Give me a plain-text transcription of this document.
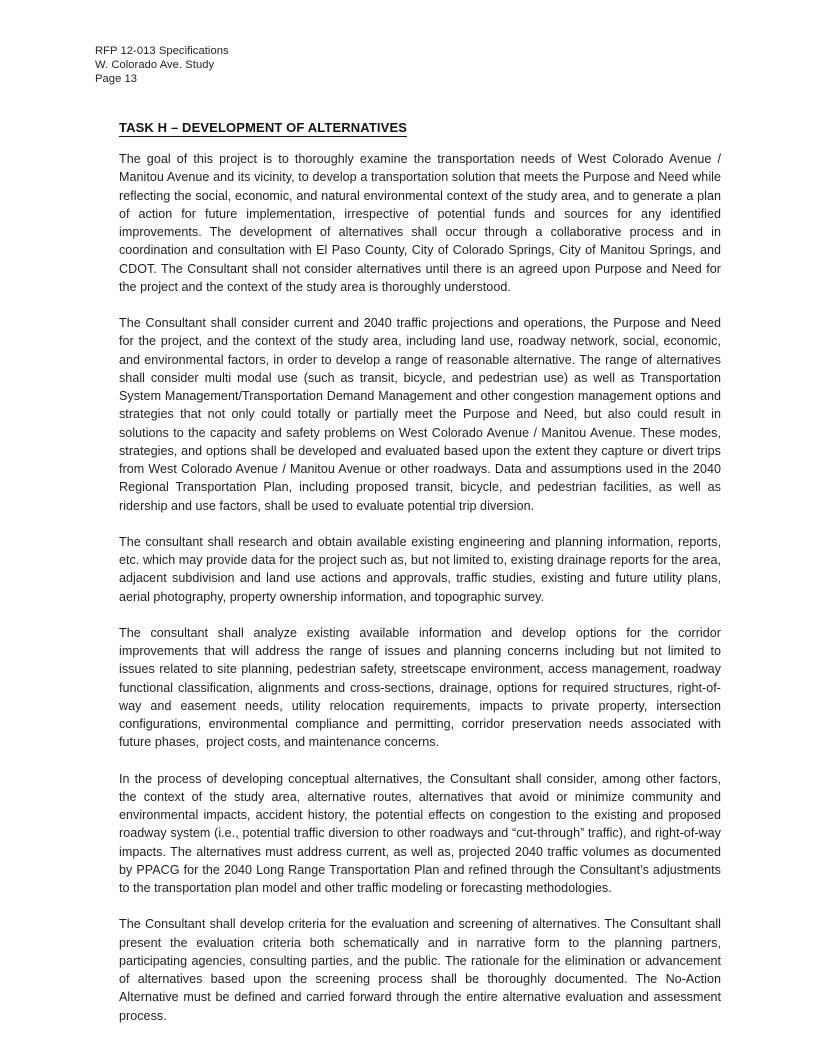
RFP 12-013 Specifications
W. Colorado Ave. Study
Page 13
TASK H – DEVELOPMENT OF ALTERNATIVES

The goal of this project is to thoroughly examine the transportation needs of West Colorado Avenue / Manitou Avenue and its vicinity, to develop a transportation solution that meets the Purpose and Need while reflecting the social, economic, and natural environmental context of the study area, and to generate a plan of action for future implementation, irrespective of potential funds and sources for any identified improvements. The development of alternatives shall occur through a collaborative process and in coordination and consultation with El Paso County, City of Colorado Springs, City of Manitou Springs, and CDOT. The Consultant shall not consider alternatives until there is an agreed upon Purpose and Need for the project and the context of the study area is thoroughly understood.

The Consultant shall consider current and 2040 traffic projections and operations, the Purpose and Need for the project, and the context of the study area, including land use, roadway network, social, economic, and environmental factors, in order to develop a range of reasonable alternative. The range of alternatives shall consider multi modal use (such as transit, bicycle, and pedestrian use) as well as Transportation System Management/Transportation Demand Management and other congestion management options and strategies that not only could totally or partially meet the Purpose and Need, but also could result in solutions to the capacity and safety problems on West Colorado Avenue / Manitou Avenue. These modes, strategies, and options shall be developed and evaluated based upon the extent they capture or divert trips from West Colorado Avenue / Manitou Avenue or other roadways. Data and assumptions used in the 2040 Regional Transportation Plan, including proposed transit, bicycle, and pedestrian facilities, as well as ridership and use factors, shall be used to evaluate potential trip diversion.

The consultant shall research and obtain available existing engineering and planning information, reports, etc. which may provide data for the project such as, but not limited to, existing drainage reports for the area, adjacent subdivision and land use actions and approvals, traffic studies, existing and future utility plans, aerial photography, property ownership information, and topographic survey.

The consultant shall analyze existing available information and develop options for the corridor improvements that will address the range of issues and planning concerns including but not limited to issues related to site planning, pedestrian safety, streetscape environment, access management, roadway functional classification, alignments and cross-sections, drainage, options for required structures, right-of-way and easement needs, utility relocation requirements, impacts to private property, intersection configurations, environmental compliance and permitting, corridor preservation needs associated with future phases,  project costs, and maintenance concerns.

In the process of developing conceptual alternatives, the Consultant shall consider, among other factors, the context of the study area, alternative routes, alternatives that avoid or minimize community and environmental impacts, accident history, the potential effects on congestion to the existing and proposed roadway system (i.e., potential traffic diversion to other roadways and “cut-through” traffic), and right-of-way impacts. The alternatives must address current, as well as, projected 2040 traffic volumes as documented by PPACG for the 2040 Long Range Transportation Plan and refined through the Consultant’s adjustments to the transportation plan model and other traffic modeling or forecasting methodologies.

The Consultant shall develop criteria for the evaluation and screening of alternatives. The Consultant shall present the evaluation criteria both schematically and in narrative form to the planning partners, participating agencies, consulting parties, and the public. The rationale for the elimination or advancement of alternatives based upon the screening process shall be thoroughly documented. The No-Action Alternative must be defined and carried forward through the entire alternative evaluation and assessment process.
